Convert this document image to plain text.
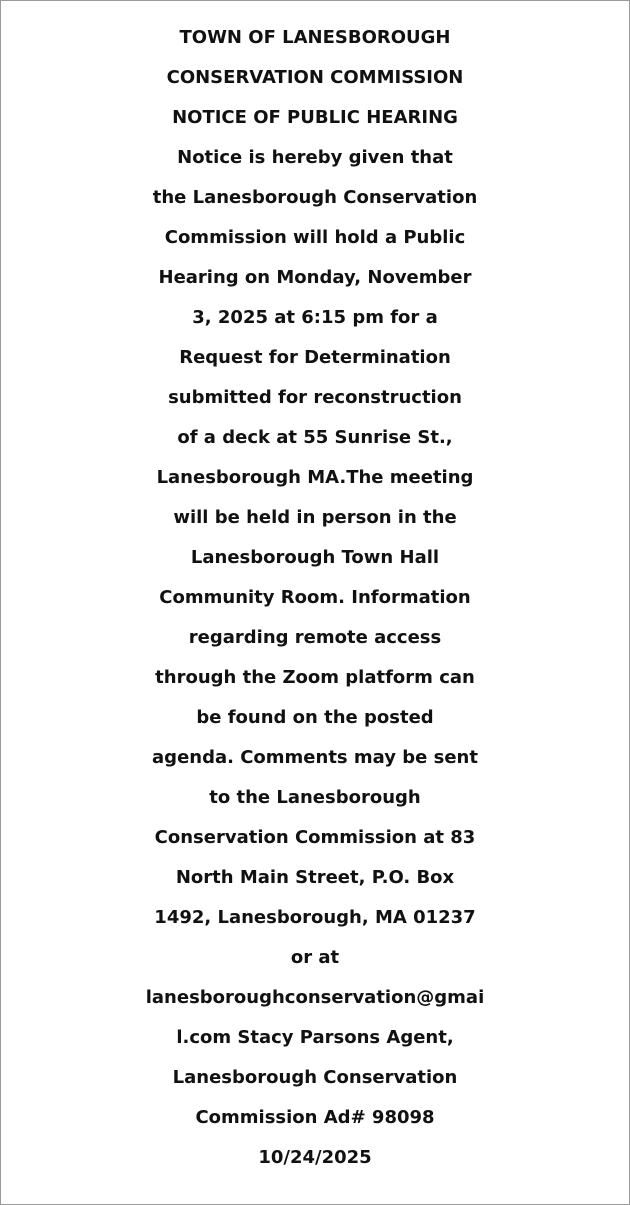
TOWN OF LANESBOROUGH
CONSERVATION COMMISSION
NOTICE OF PUBLIC HEARING
Notice is hereby given that
the Lanesborough Conservation
Commission will hold a Public
Hearing on Monday, November
3, 2025 at 6:15 pm for a
Request for Determination
submitted for reconstruction
of a deck at 55 Sunrise St.,
Lanesborough MA.The meeting
will be held in person in the
Lanesborough Town Hall
Community Room. Information
regarding remote access
through the Zoom platform can
be found on the posted
agenda. Comments may be sent
to the Lanesborough
Conservation Commission at 83
North Main Street, P.O. Box
1492, Lanesborough, MA 01237
or at
lanesboroughconservation@gmai
l.com Stacy Parsons Agent,
Lanesborough Conservation
Commission Ad# 98098
10/24/2025
